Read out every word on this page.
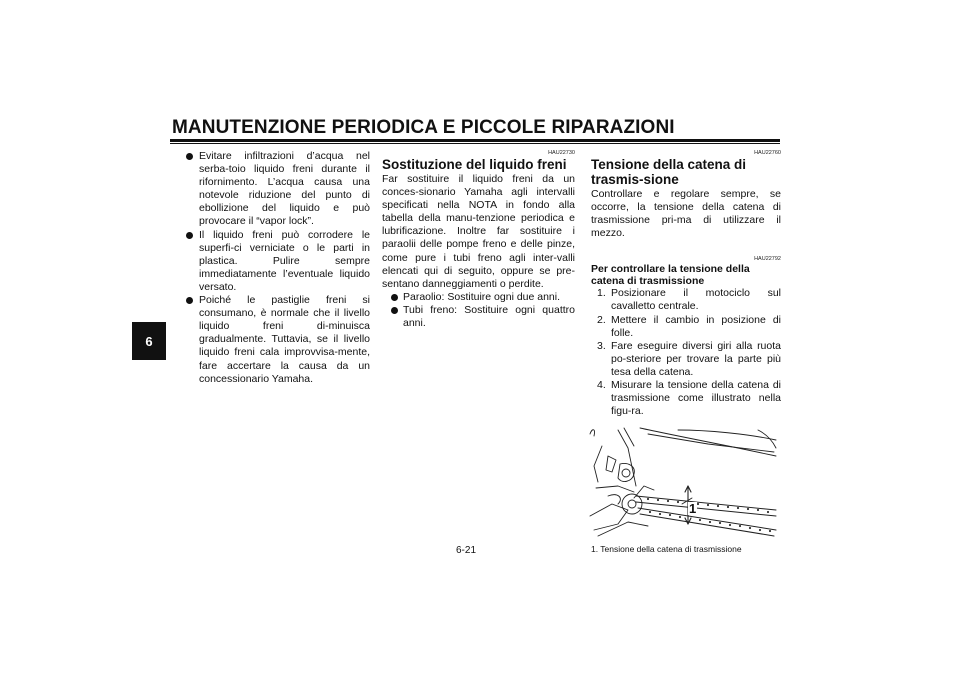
MANUTENZIONE PERIODICA E PICCOLE RIPARAZIONI
6
Evitare infiltrazioni d’acqua nel serba-toio liquido freni durante il rifornimento. L’acqua causa una notevole riduzione del punto di ebollizione del liquido e può provocare il “vapor lock”.
Il liquido freni può corrodere le superfi-ci verniciate o le parti in plastica. Pulire sempre immediatamente l’eventuale liquido versato.
Poiché le pastiglie freni si consumano, è normale che il livello liquido freni di-minuisca gradualmente. Tuttavia, se il livello liquido freni cala improvvisa-mente, fare accertare la causa da un concessionario Yamaha.
HAU22730
Sostituzione del liquido freni

Far sostituire il liquido freni da un conces-sionario Yamaha agli intervalli specificati nella NOTA in fondo alla tabella della manu-tenzione periodica e lubrificazione. Inoltre far sostituire i paraolii delle pompe freno e delle pinze, come pure i tubi freno agli inter-valli elencati qui di seguito, oppure se pre-sentano danneggiamenti o perdite.

Paraolio: Sostituire ogni due anni.
Tubi freno: Sostituire ogni quattro anni.
HAU22760
Tensione della catena di trasmis-sione

Controllare e regolare sempre, se occorre, la tensione della catena di trasmissione pri-ma di utilizzare il mezzo.

HAU22792
Per controllare la tensione della catena di trasmissione
1. Posizionare il motociclo sul cavalletto centrale.
2. Mettere il cambio in posizione di folle.
3. Fare eseguire diversi giri alla ruota po-steriore per trovare la parte più tesa della catena.
4. Misurare la tensione della catena di trasmissione come illustrato nella figu-ra.
1
1. Tensione della catena di trasmissione
6-21
